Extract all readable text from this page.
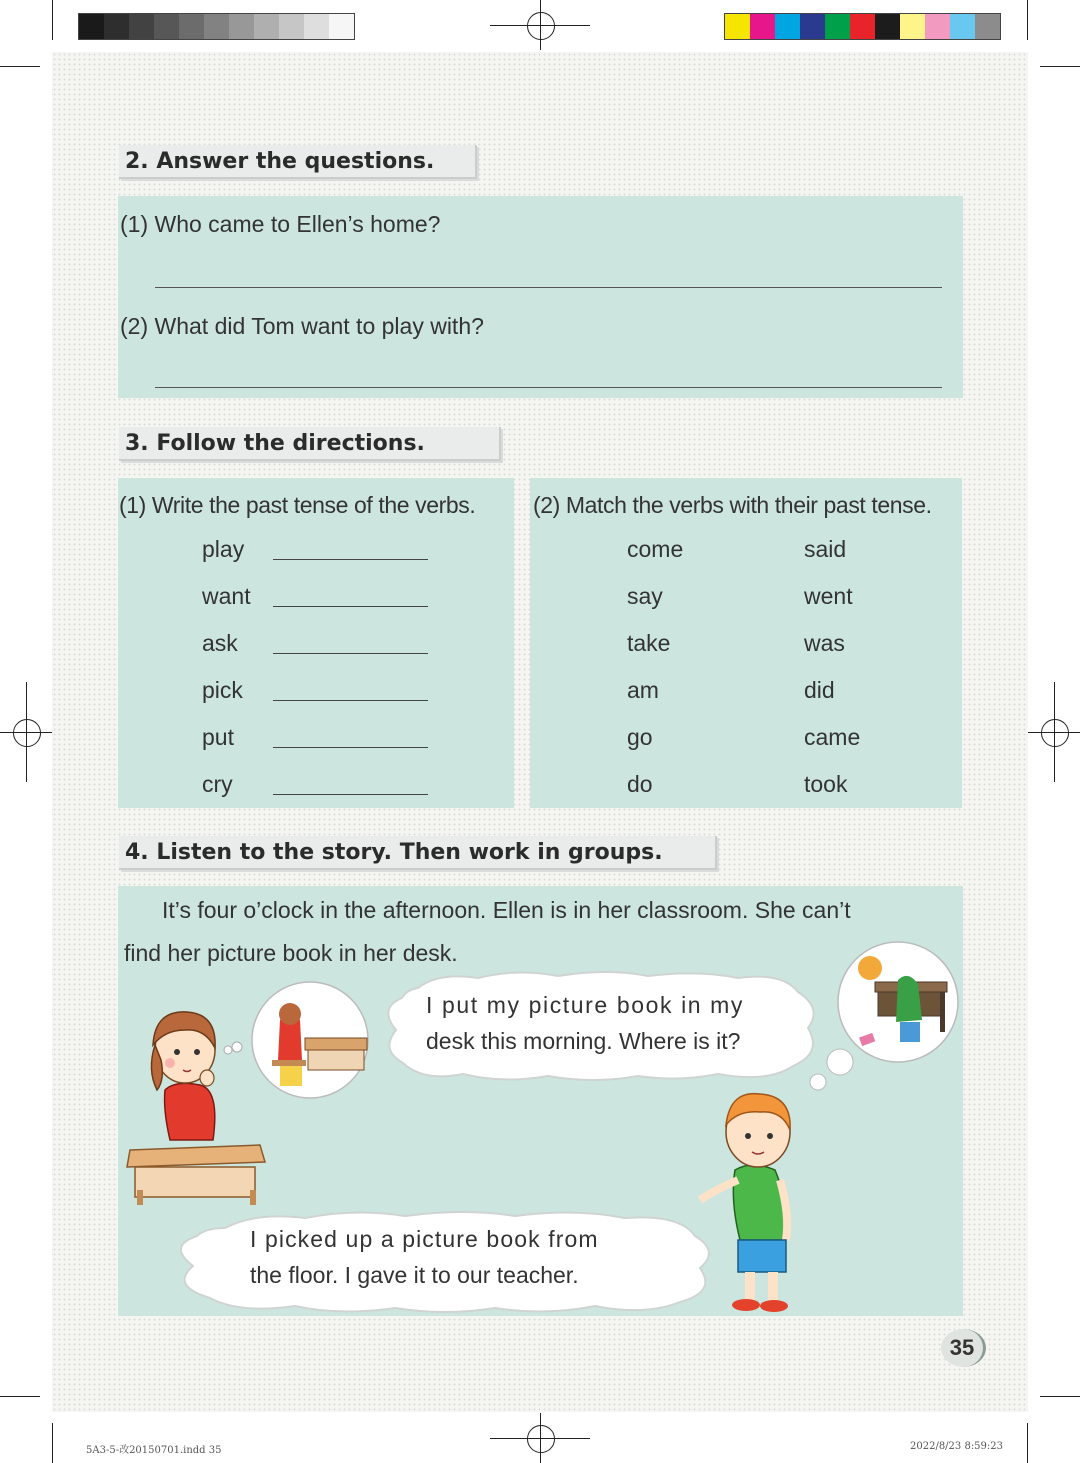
2. Answer the questions.
(1) Who came to Ellen’s home?
(2) What did Tom want to play with?
3. Follow the directions.
(1) Write the past tense of the verbs.
play
want
ask
pick
put
cry
(2) Match the verbs with their past tense.
come	said
say	went
take	was
am	did
go	came
do	took
4. Listen to the story. Then work in groups.
It’s four o’clock in the afternoon. Ellen is in her classroom. She can’t
find her picture book in her desk.
I put my picture book in my
desk this morning. Where is it?
I picked up a picture book from
the floor. I gave it to our teacher.
35
5A3-5-改20150701.indd 35	2022/8/23 8:59:23
